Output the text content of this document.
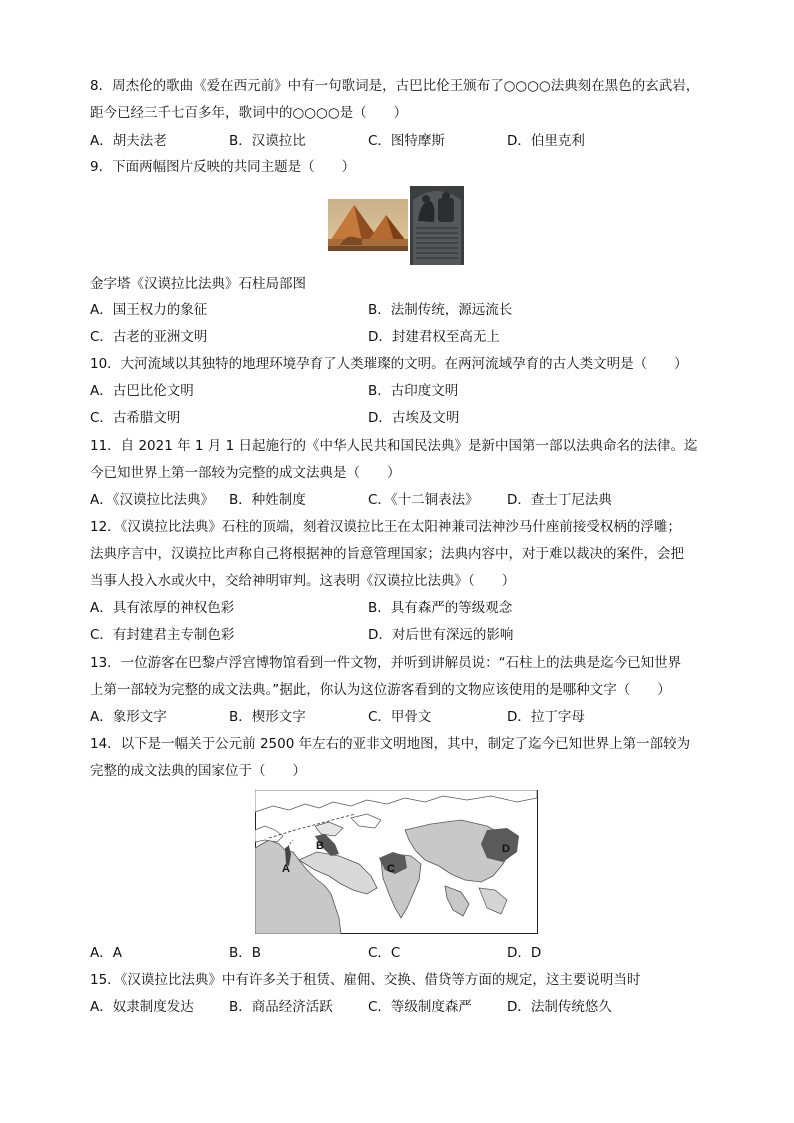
8．周杰伦的歌曲《爱在西元前》中有一句歌词是，古巴比伦王颁布了○○○○法典刻在黑色的玄武岩，
距今已经三千七百多年，歌词中的○○○○是（　　）
A．胡夫法老	B．汉谟拉比	C．图特摩斯	D．伯里克利
9．下面两幅图片反映的共同主题是（　　）
金字塔《汉谟拉比法典》石柱局部图
A．国王权力的象征	B．法制传统，源远流长
C．古老的亚洲文明	D．封建君权至高无上
10．大河流域以其独特的地理环境孕育了人类璀璨的文明。在两河流域孕育的古人类文明是（　　）
A．古巴比伦文明	B．古印度文明
C．古希腊文明	D．古埃及文明
11．自 2021 年 1 月 1 日起施行的《中华人民共和国民法典》是新中国第一部以法典命名的法律。迄
今已知世界上第一部较为完整的成文法典是（　　）
A．《汉谟拉比法典》 B．种姓制度	C．《十二铜表法》 D．查士丁尼法典
12．《汉谟拉比法典》石柱的顶端，刻着汉谟拉比王在太阳神兼司法神沙马什座前接受权柄的浮雕；
法典序言中，汉谟拉比声称自己将根据神的旨意管理国家；法典内容中，对于难以裁决的案件，会把
当事人投入水或火中，交给神明审判。这表明《汉谟拉比法典》（　　）
A．具有浓厚的神权色彩	B．具有森严的等级观念
C．有封建君主专制色彩	D．对后世有深远的影响
13．一位游客在巴黎卢浮宫博物馆看到一件文物，并听到讲解员说：“石柱上的法典是迄今已知世界
上第一部较为完整的成文法典。”据此，你认为这位游客看到的文物应该使用的是哪种文字（　　）
A．象形文字	B．楔形文字	C．甲骨文	D．拉丁字母
14．以下是一幅关于公元前 2500 年左右的亚非文明地图，其中，制定了迄今已知世界上第一部较为
完整的成文法典的国家位于（　　）
A
B
C
D
A．A	B．B	C．C	D．D
15．《汉谟拉比法典》中有许多关于租赁、雇佣、交换、借贷等方面的规定，这主要说明当时
A．奴隶制度发达	B．商品经济活跃	C．等级制度森严	D．法制传统悠久
